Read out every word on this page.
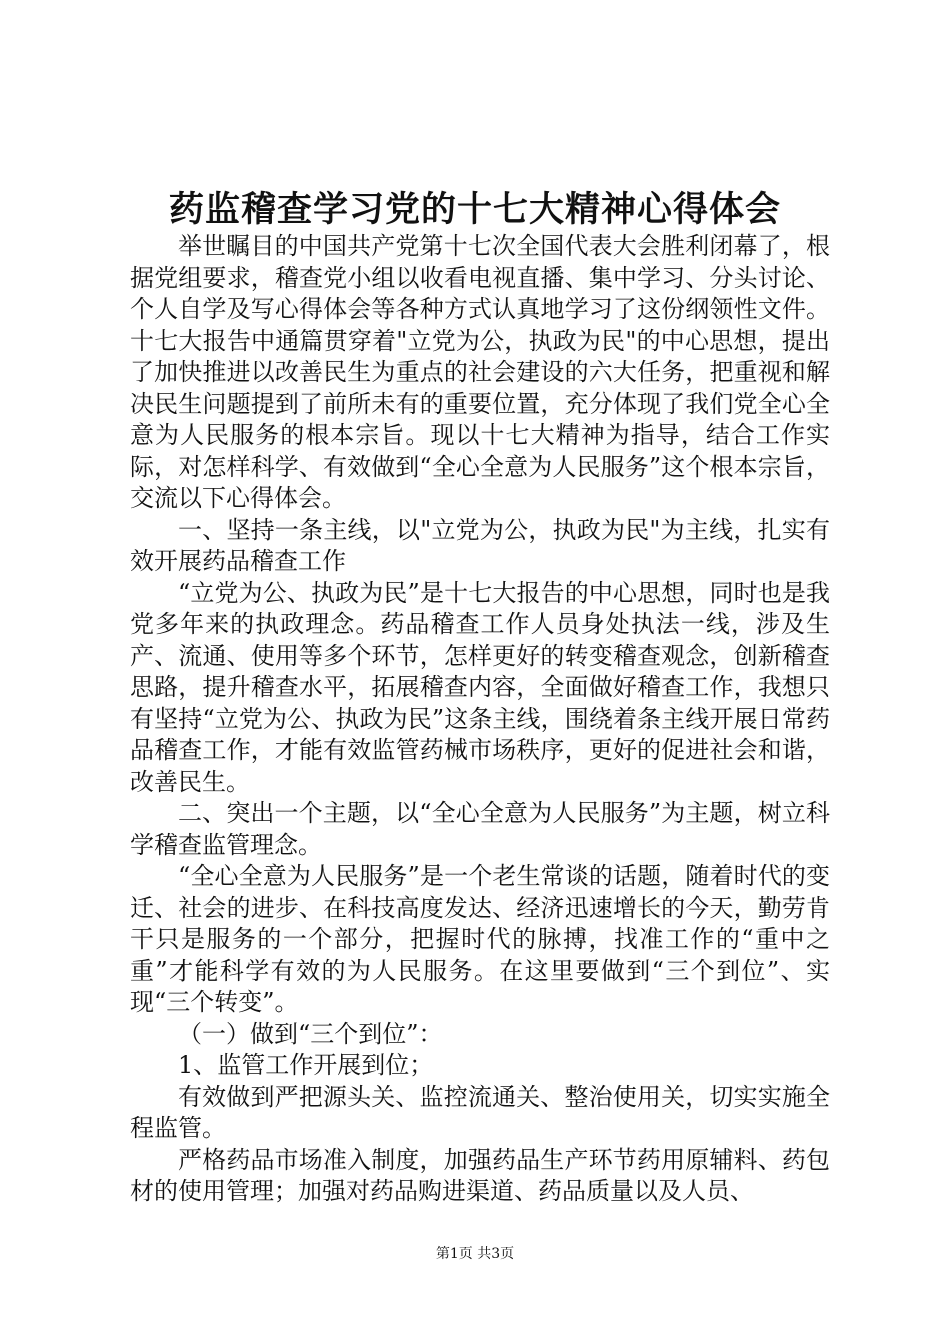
药监稽查学习党的十七大精神心得体会

举世瞩目的中国共产党第十七次全国代表大会胜利闭幕了，根据党组要求，稽查党小组以收看电视直播、集中学习、分头讨论、个人自学及写心得体会等各种方式认真地学习了这份纲领性文件。十七大报告中通篇贯穿着"立党为公，执政为民"的中心思想，提出了加快推进以改善民生为重点的社会建设的六大任务，把重视和解决民生问题提到了前所未有的重要位置，充分体现了我们党全心全意为人民服务的根本宗旨。现以十七大精神为指导，结合工作实际，对怎样科学、有效做到“全心全意为人民服务”这个根本宗旨，交流以下心得体会。

一、坚持一条主线，以"立党为公，执政为民"为主线，扎实有效开展药品稽查工作

“立党为公、执政为民”是十七大报告的中心思想，同时也是我党多年来的执政理念。药品稽查工作人员身处执法一线，涉及生产、流通、使用等多个环节，怎样更好的转变稽查观念，创新稽查思路，提升稽查水平，拓展稽查内容，全面做好稽查工作，我想只有坚持“立党为公、执政为民”这条主线，围绕着条主线开展日常药品稽查工作，才能有效监管药械市场秩序，更好的促进社会和谐，改善民生。

二、突出一个主题，以“全心全意为人民服务”为主题，树立科学稽查监管理念。

“全心全意为人民服务”是一个老生常谈的话题，随着时代的变迁、社会的进步、在科技高度发达、经济迅速增长的今天，勤劳肯干只是服务的一个部分，把握时代的脉搏，找准工作的“重中之重”才能科学有效的为人民服务。在这里要做到“三个到位”、实现“三个转变”。

（一）做到“三个到位”：

1、监管工作开展到位；

有效做到严把源头关、监控流通关、整治使用关，切实实施全程监管。

严格药品市场准入制度，加强药品生产环节药用原辅料、药包材的使用管理；加强对药品购进渠道、药品质量以及人员、

第1页 共3页
